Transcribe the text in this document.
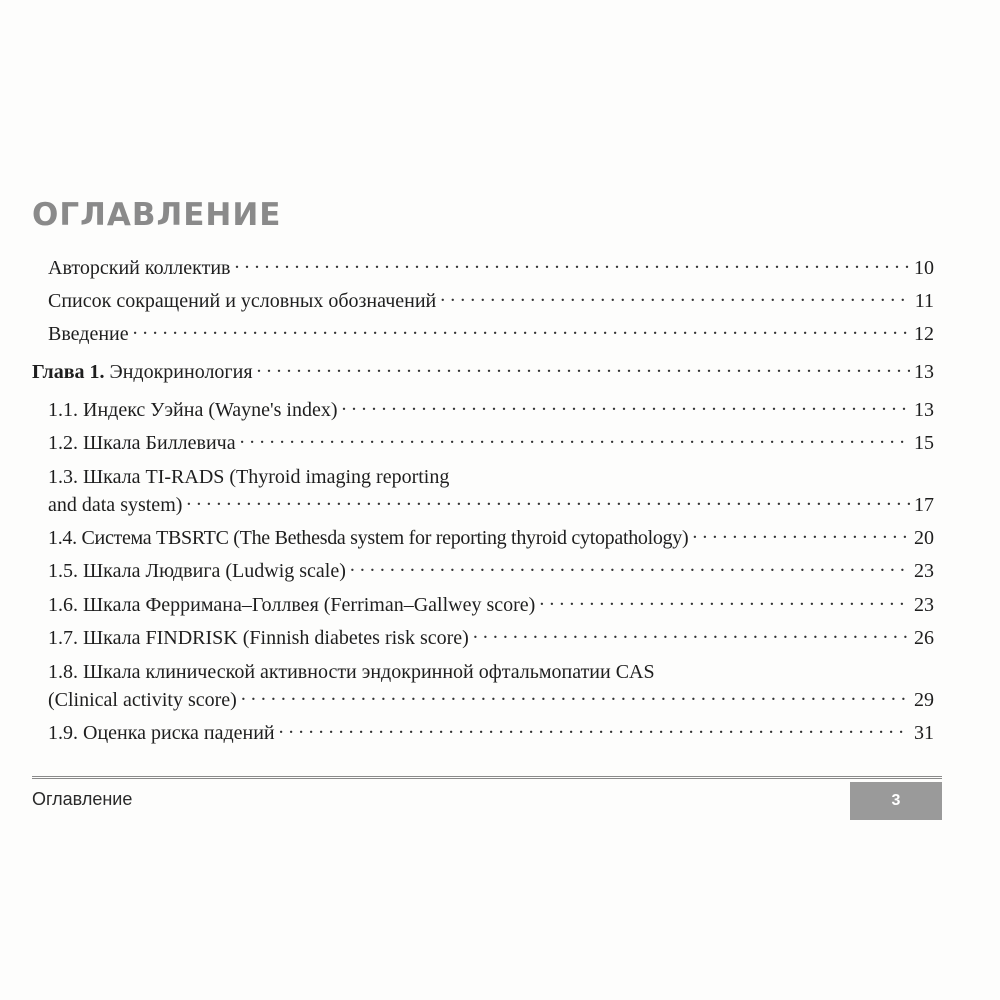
ОГЛАВЛЕНИЕ
Авторский коллектив . . .	10
Список сокращений и условных обозначений . . .	11
Введение . . .	12
Глава 1.
Эндокринология . . .	13
1.1. Индекс Уэйна (Wayne's index) . . .	13
1.2. Шкала Биллевича . . .	15
1.3. Шкала TI-RADS (Thyroid imaging reporting
and data system) . . .	17
1.4. Система TBSRTC (The Bethesda system for reporting thyroid cytopathology) . . .	20
1.5. Шкала Людвига (Ludwig scale) . . .	23
1.6. Шкала Ферримана–Голлвея (Ferriman–Gallwey score) . . .	23
1.7. Шкала FINDRISK (Finnish diabetes risk score) . . .	26
1.8. Шкала клинической активности эндокринной офтальмопатии CAS
(Clinical activity score) . . .	29
1.9. Оценка риска падений . . .	31
Оглавление	3
